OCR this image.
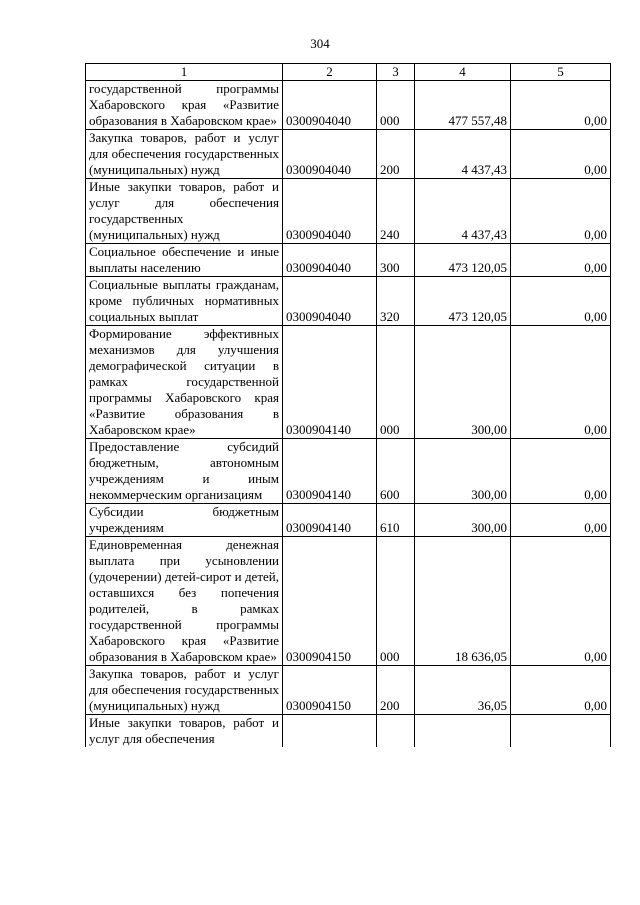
304
1	2	3	4	5
государственной программы Хабаровского края «Развитие образования в Хабаровском крае»	0300904040	000	477 557,48	0,00
Закупка товаров, работ и услуг для обеспечения государственных (муниципальных) нужд	0300904040	200	4 437,43	0,00
Иные закупки товаров, работ и услуг для обеспечения государственных (муниципальных) нужд	0300904040	240	4 437,43	0,00
Социальное обеспечение и иные выплаты населению	0300904040	300	473 120,05	0,00
Социальные выплаты гражданам, кроме публичных нормативных социальных выплат	0300904040	320	473 120,05	0,00
Формирование эффективных механизмов для улучшения демографической ситуации в рамках государственной программы Хабаровского края «Развитие образования в Хабаровском крае»	0300904140	000	300,00	0,00
Предоставление субсидий бюджетным, автономным учреждениям и иным некоммерческим организациям	0300904140	600	300,00	0,00
Субсидии бюджетным учреждениям	0300904140	610	300,00	0,00
Единовременная денежная выплата при усыновлении (удочерении) детей-сирот и детей, оставшихся без попечения родителей, в рамках государственной программы Хабаровского края «Развитие образования в Хабаровском крае»	0300904150	000	18 636,05	0,00
Закупка товаров, работ и услуг для обеспечения государственных (муниципальных) нужд	0300904150	200	36,05	0,00
Иные закупки товаров, работ и услуг для обеспечения				
